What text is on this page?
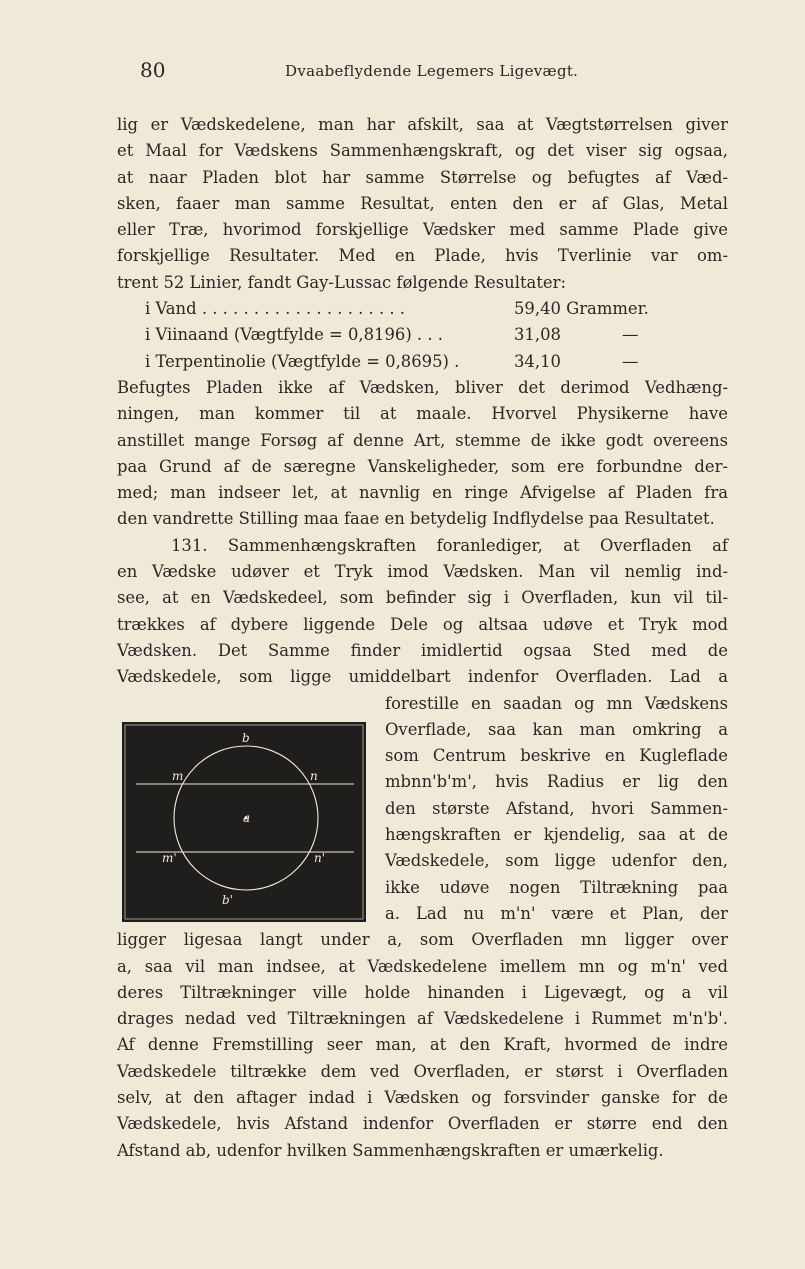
80	Dvaabeflydende Legemers Ligevægt.
lig er Vædskedelene, man har afskilt, saa at Vægtstørrelsen giver
et Maal for Vædskens Sammenhængskraft, og det viser sig ogsaa,
at naar Pladen blot har samme Størrelse og befugtes af Væd-
sken, faaer man samme Resultat, enten den er af Glas, Metal
eller Træ, hvorimod forskjellige Vædsker med samme Plade give
forskjellige Resultater. Med en Plade, hvis Tverlinie var om-
trent 52 Linier, fandt Gay-Lussac følgende Resultater:
i Vand . . . . . . . . . . . . . . . . . . . .	59,40 Grammer.
i Viinaand (Vægtfylde = 0,8196) . . .	31,08	—
i Terpentinolie (Vægtfylde = 0,8695) .	34,10	—
Befugtes Pladen ikke af Vædsken, bliver det derimod Vedhæng-
ningen, man kommer til at maale. Hvorvel Physikerne have
anstillet mange Forsøg af denne Art, stemme de ikke godt overeens
paa Grund af de særegne Vanskeligheder, som ere forbundne der-
med; man indseer let, at navnlig en ringe Afvigelse af Pladen fra
den vandrette Stilling maa faae en betydelig Indflydelse paa Resultatet.
131. Sammenhængskraften foranlediger, at Overfladen af
en Vædske udøver et Tryk imod Vædsken. Man vil nemlig ind-
see, at en Vædskedeel, som befinder sig i Overfladen, kun vil til-
trækkes af dybere liggende Dele og altsaa udøve et Tryk mod
Vædsken. Det Samme finder imidlertid ogsaa Sted med de
Vædskedele, som ligge umiddelbart indenfor Overfladen. Lad a
forestille en saadan og mn Vædskens
Overflade, saa kan man omkring a
som Centrum beskrive en Kugleflade
mbnn'b'm', hvis Radius er lig den
den største Afstand, hvori Sammen-
hængskraften er kjendelig, saa at de
Vædskedele, som ligge udenfor den,
ikke udøve nogen Tiltrækning paa
a. Lad nu m'n' være et Plan, der
ligger ligesaa langt under a, som Overfladen mn ligger over
a, saa vil man indsee, at Vædskedelene imellem mn og m'n' ved
deres Tiltrækninger ville holde hinanden i Ligevægt, og a vil
drages nedad ved Tiltrækningen af Vædskedelene i Rummet m'n'b'.
Af denne Fremstilling seer man, at den Kraft, hvormed de indre
Vædskedele tiltrække dem ved Overfladen, er størst i Overfladen
selv, at den aftager indad i Vædsken og forsvinder ganske for de
Vædskedele, hvis Afstand indenfor Overfladen er større end den
Afstand ab, udenfor hvilken Sammenhængskraften er umærkelig.
b
m	n
a
m'	n'
b'
